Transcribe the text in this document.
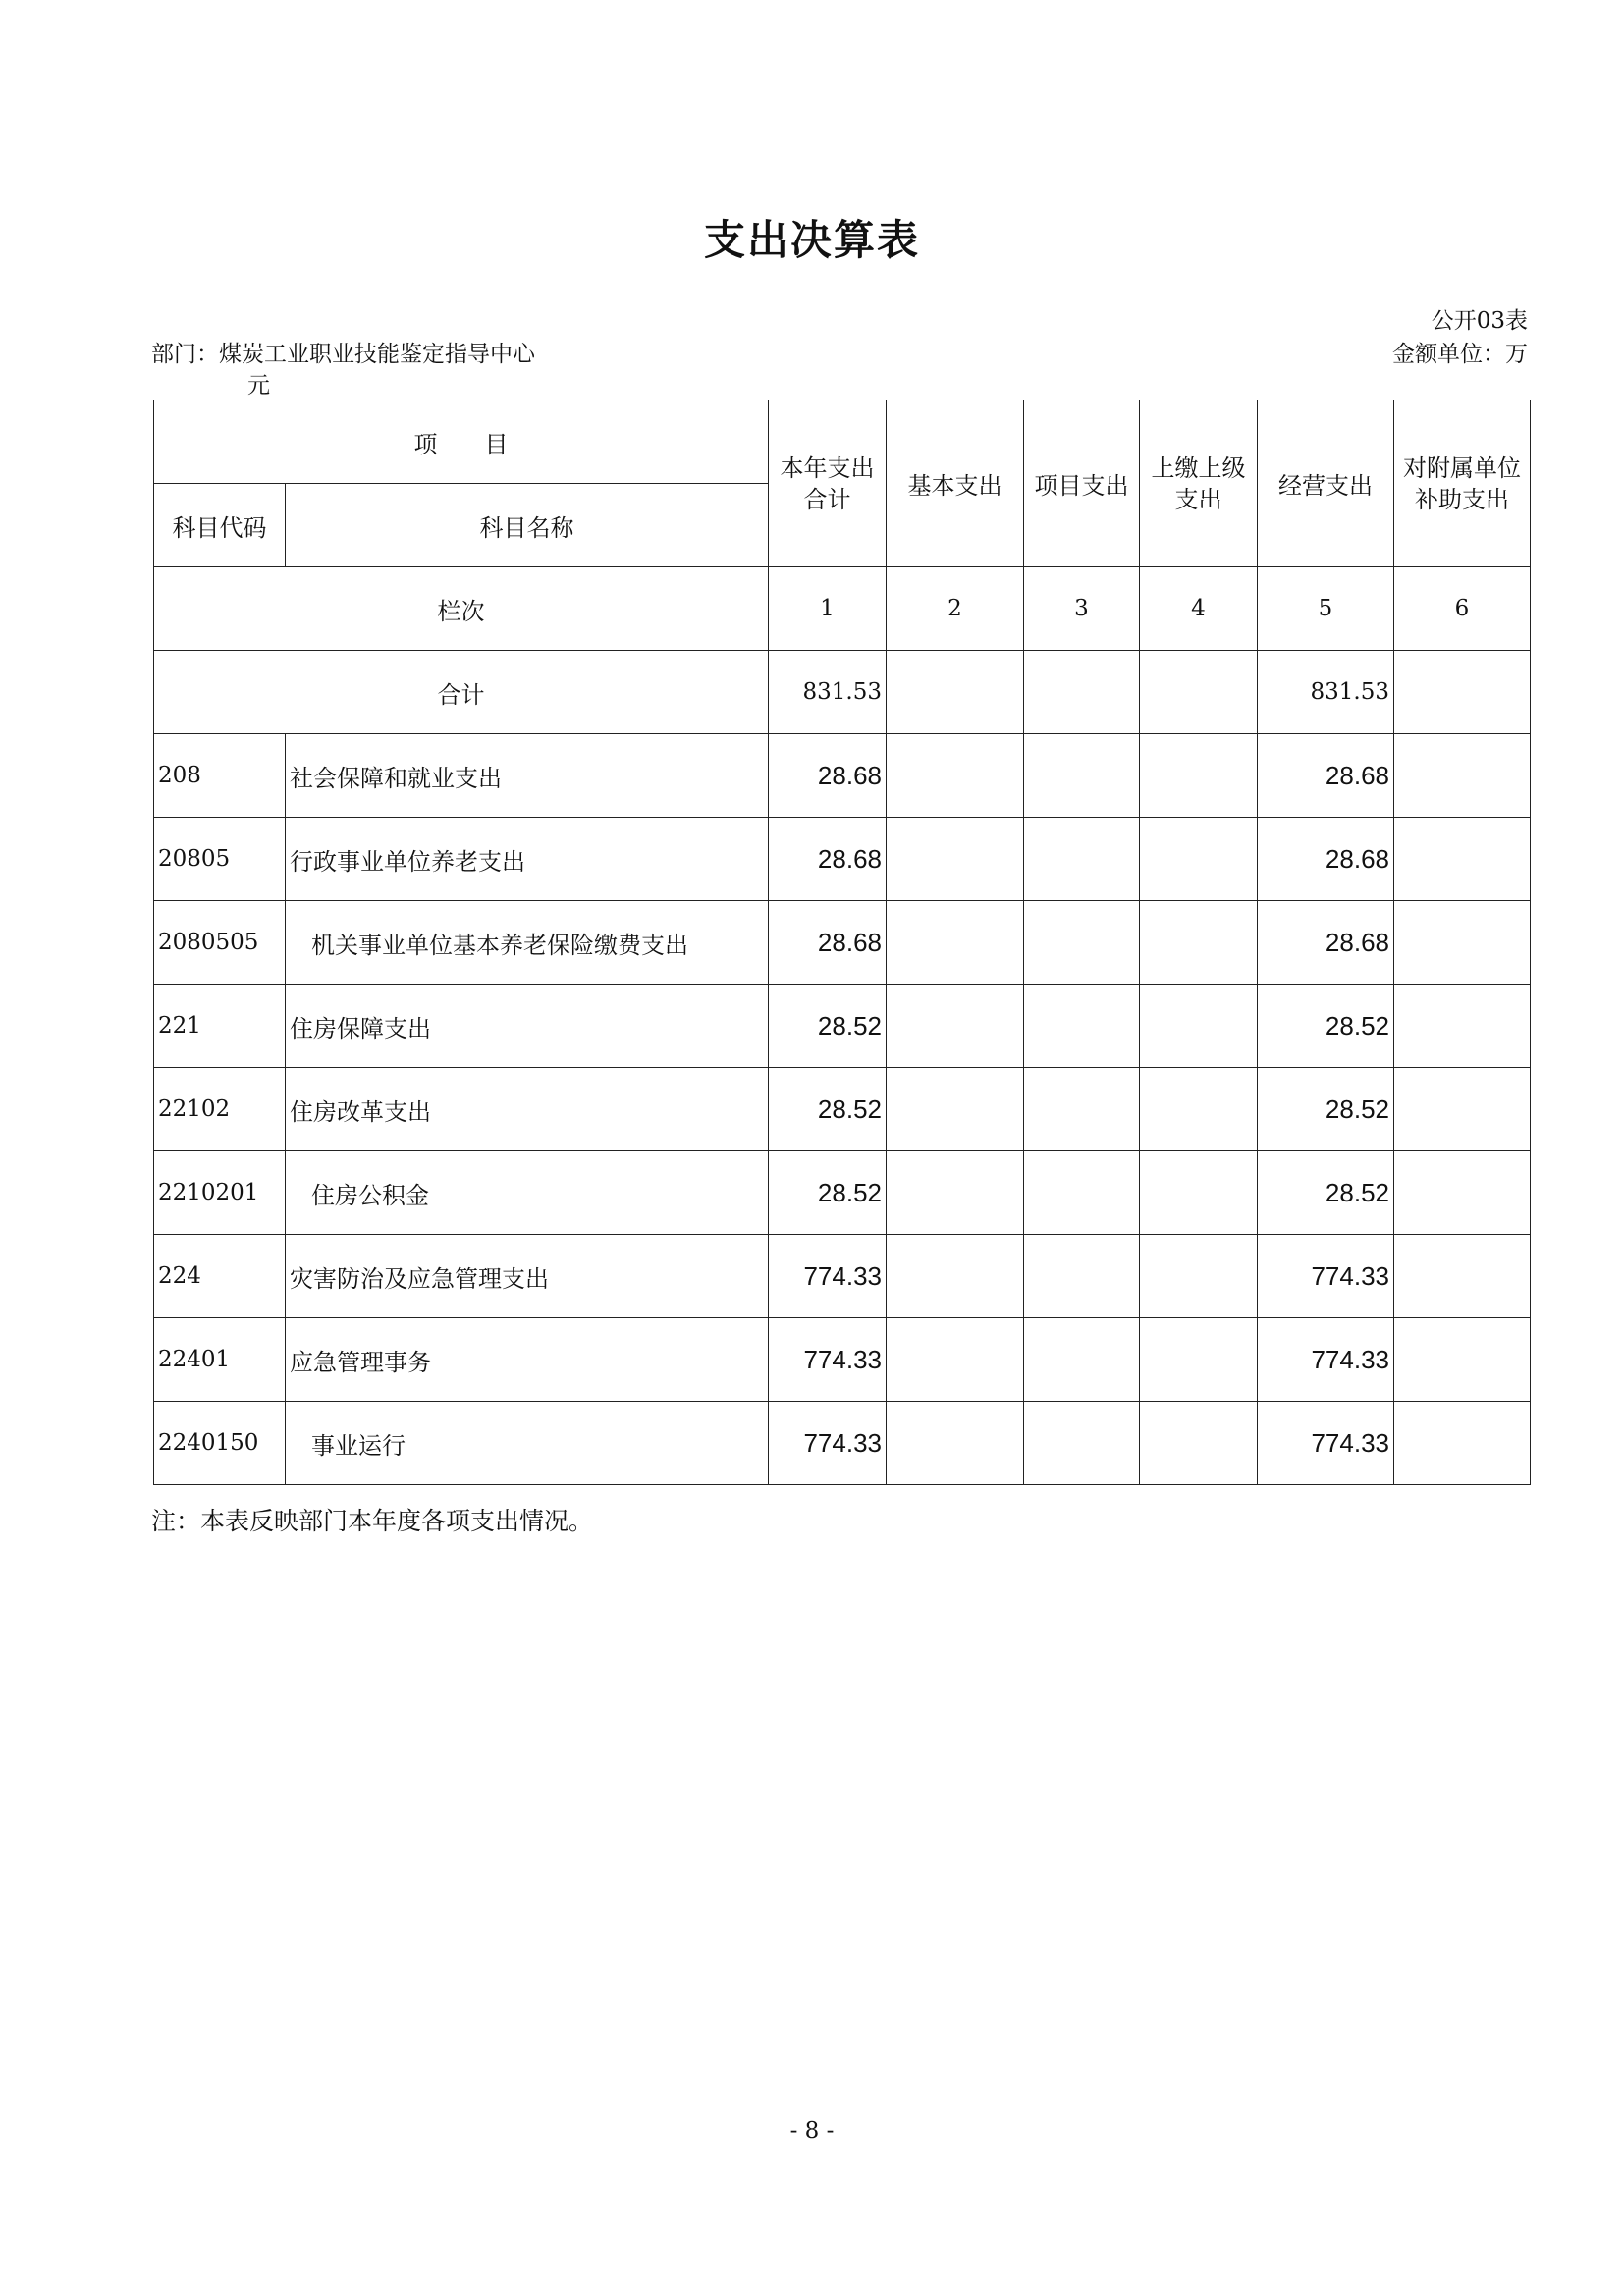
支出决算表
公开03表
部门：煤炭工业职业技能鉴定指导中心	金额单位：万
元
项　　目		本年支出合计	基本支出	项目支出	上缴上级支出	经营支出	对附属单位补助支出
科目代码	科目名称						
栏次		1	2	3	4	5	6
合计		831.53				831.53	
208	社会保障和就业支出	28.68				28.68	
20805	行政事业单位养老支出	28.68				28.68	
2080505	机关事业单位基本养老保险缴费支出	28.68				28.68	
221	住房保障支出	28.52				28.52	
22102	住房改革支出	28.52				28.52	
2210201	住房公积金	28.52				28.52	
224	灾害防治及应急管理支出	774.33				774.33	
22401	应急管理事务	774.33				774.33	
2240150	事业运行	774.33				774.33	
注：本表反映部门本年度各项支出情况。
- 8 -
